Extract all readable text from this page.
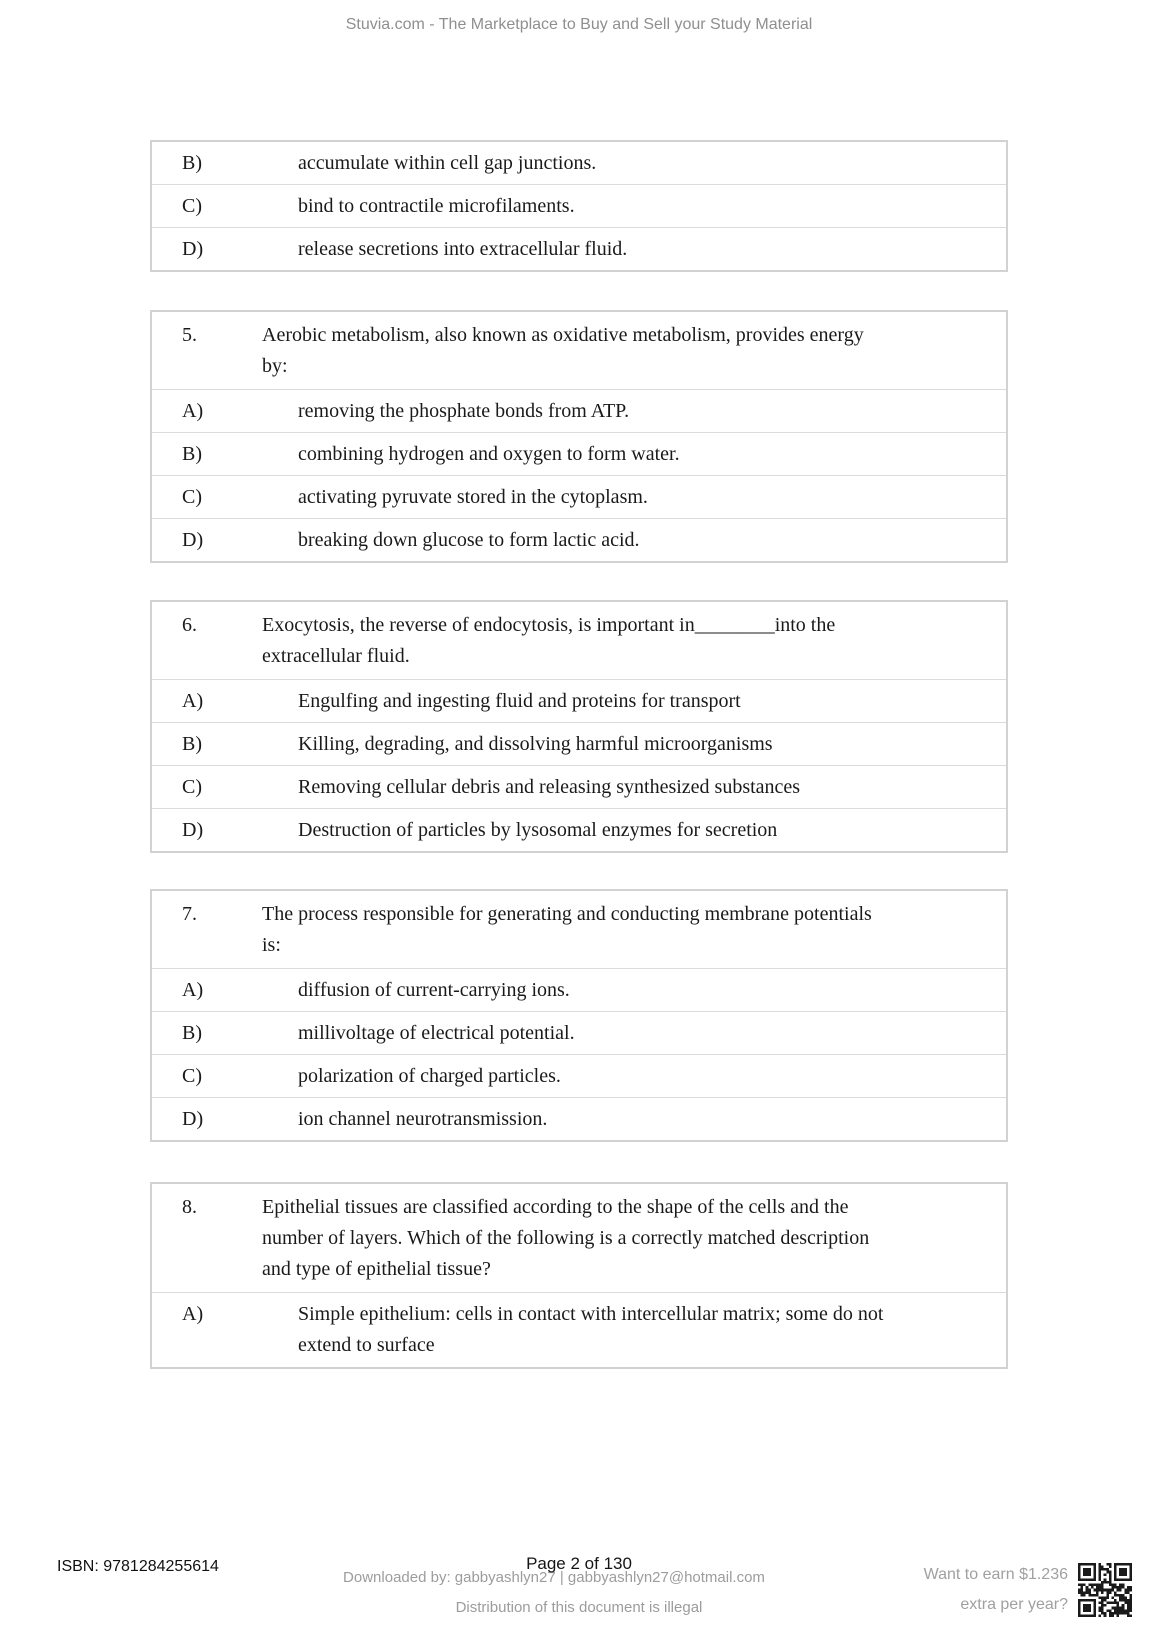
Stuvia.com - The Marketplace to Buy and Sell your Study Material
B)	accumulate within cell gap junctions.
C)	bind to contractile microfilaments.
D)	release secretions into extracellular fluid.
5.	Aerobic metabolism, also known as oxidative metabolism, provides energy
by:
A)	removing the phosphate bonds from ATP.
B)	combining hydrogen and oxygen to form water.
C)	activating pyruvate stored in the cytoplasm.
D)	breaking down glucose to form lactic acid.
6.	Exocytosis, the reverse of endocytosis, is important in________into the
extracellular fluid.
A)	Engulfing and ingesting fluid and proteins for transport
B)	Killing, degrading, and dissolving harmful microorganisms
C)	Removing cellular debris and releasing synthesized substances
D)	Destruction of particles by lysosomal enzymes for secretion
7.	The process responsible for generating and conducting membrane potentials
is:
A)	diffusion of current-carrying ions.
B)	millivoltage of electrical potential.
C)	polarization of charged particles.
D)	ion channel neurotransmission.
8.	Epithelial tissues are classified according to the shape of the cells and the
number of layers. Which of the following is a correctly matched description
and type of epithelial tissue?
A)	Simple epithelium: cells in contact with intercellular matrix; some do not
extend to surface
ISBN: 9781284255614	Page 2 of 130
Downloaded by: gabbyashlyn27 | gabbyashlyn27@hotmail.com
Distribution of this document is illegal
Want to earn $1.236
extra per year?
